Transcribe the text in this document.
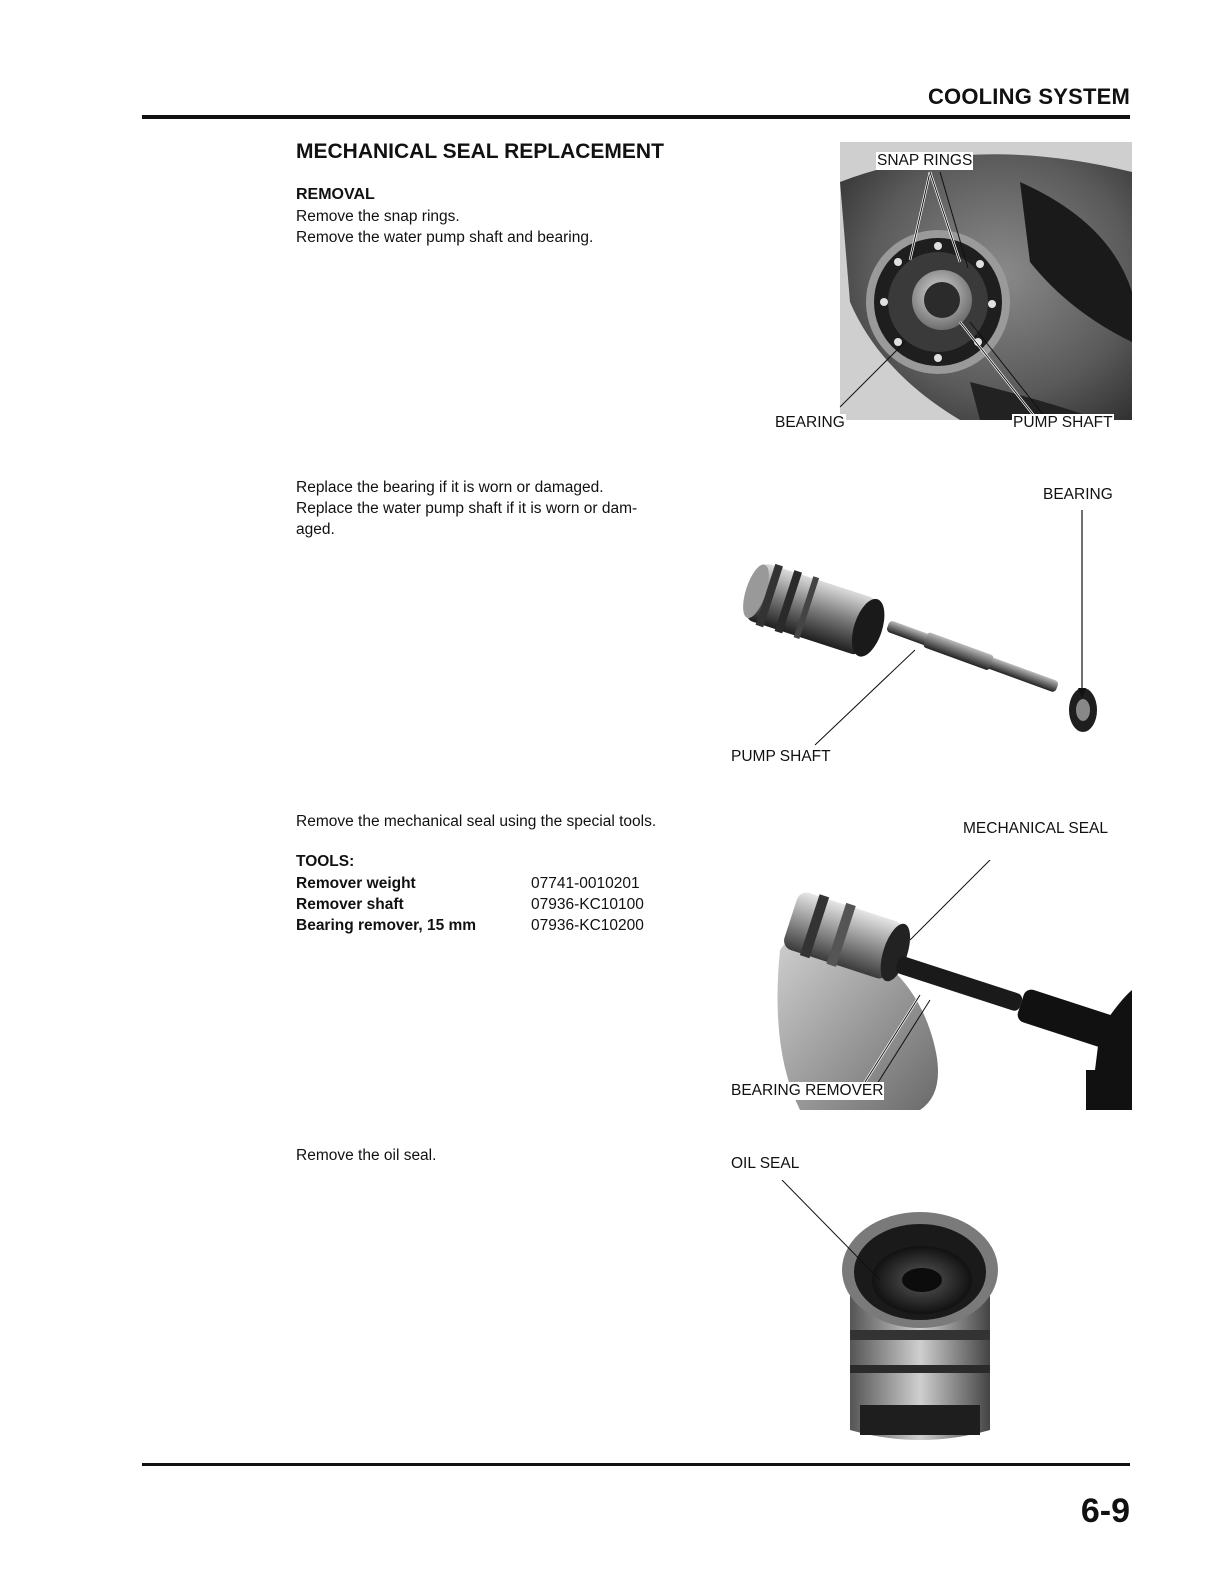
COOLING SYSTEM
MECHANICAL SEAL REPLACEMENT
REMOVAL
Remove the snap rings.
Remove the water pump shaft and bearing.
SNAP RINGS
BEARING	PUMP SHAFT
Replace the bearing if it is worn or damaged.
Replace the water pump shaft if it is worn or dam-
aged.
BEARING
PUMP SHAFT
Remove the mechanical seal using the special tools.
TOOLS:
Remover weight	07741-0010201
Remover shaft	07936-KC10100
Bearing remover, 15 mm	07936-KC10200
MECHANICAL SEAL
BEARING REMOVER
Remove the oil seal.	OIL SEAL
6-9
